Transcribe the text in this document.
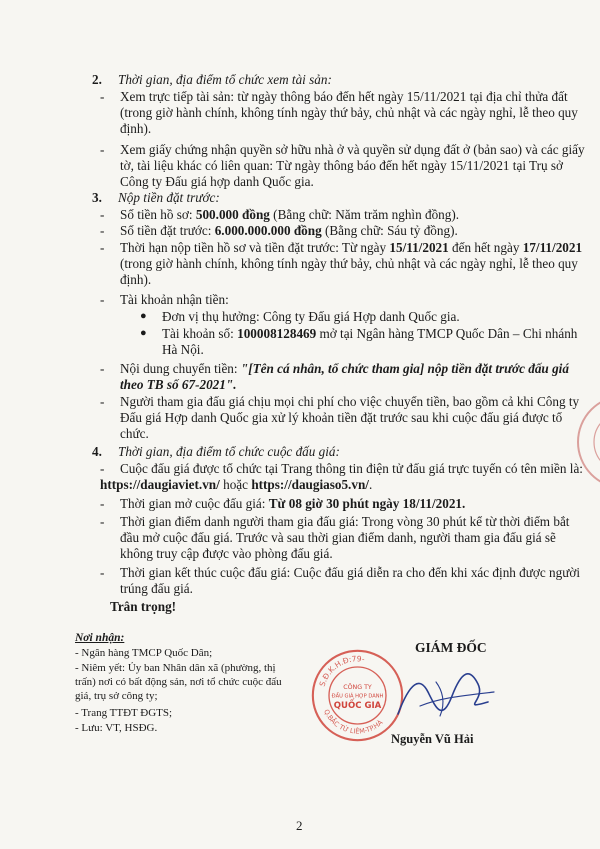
2. Thời gian, địa điểm tổ chức xem tài sản:
- Xem trực tiếp tài sản: từ ngày thông báo đến hết ngày 15/11/2021 tại địa chỉ thửa đất
(trong giờ hành chính, không tính ngày thứ bảy, chủ nhật và các ngày nghỉ, lễ theo quy
định).
- Xem giấy chứng nhận quyền sở hữu nhà ở và quyền sử dụng đất ở (bản sao) và các giấy
tờ, tài liệu khác có liên quan: Từ ngày thông báo đến hết ngày 15/11/2021 tại Trụ sở
Công ty Đấu giá hợp danh Quốc gia.
3. Nộp tiền đặt trước:
- Số tiền hồ sơ: 500.000 đồng (Bằng chữ: Năm trăm nghìn đồng).
- Số tiền đặt trước: 6.000.000.000 đồng (Bằng chữ: Sáu tỷ đồng).
- Thời hạn nộp tiền hồ sơ và tiền đặt trước: Từ ngày 15/11/2021 đến hết ngày 17/11/2021
(trong giờ hành chính, không tính ngày thứ bảy, chủ nhật và các ngày nghỉ, lễ theo quy
định).
- Tài khoản nhận tiền:
● Đơn vị thụ hưởng: Công ty Đấu giá Hợp danh Quốc gia.
● Tài khoản số: 100008128469 mở tại Ngân hàng TMCP Quốc Dân – Chi nhánh
Hà Nội.
- Nội dung chuyển tiền: "[Tên cá nhân, tổ chức tham gia] nộp tiền đặt trước đấu giá
theo TB số 67-2021".
- Người tham gia đấu giá chịu mọi chi phí cho việc chuyển tiền, bao gồm cả khi Công ty
Đấu giá Hợp danh Quốc gia xử lý khoản tiền đặt trước sau khi cuộc đấu giá được tổ
chức.
4. Thời gian, địa điểm tổ chức cuộc đấu giá:
- Cuộc đấu giá được tổ chức tại Trang thông tin điện tử đấu giá trực tuyến có tên miền là:
https://daugiaviet.vn/ hoặc https://daugiaso5.vn/.
- Thời gian mở cuộc đấu giá: Từ 08 giờ 30 phút ngày 18/11/2021.
- Thời gian điểm danh người tham gia đấu giá: Trong vòng 30 phút kể từ thời điểm bắt
đầu mở cuộc đấu giá. Trước và sau thời gian điểm danh, người tham gia đấu giá sẽ
không truy cập được vào phòng đấu giá.
- Thời gian kết thúc cuộc đấu giá: Cuộc đấu giá diễn ra cho đến khi xác định được người
trúng đấu giá.
Trân trọng!
Nơi nhận:
- Ngân hàng TMCP Quốc Dân;
- Niêm yết: Ủy ban Nhân dân xã (phường, thị
trấn) nơi có bất động sản, nơi tổ chức cuộc đấu
giá, trụ sở công ty;
- Trang TTĐT ĐGTS;
- Lưu: VT, HSĐG.
S.Đ.K.H.Đ:79-
Q.BẮC TỪ LIÊM-TP.HÀ
CÔNG TY
ĐẤU GIÁ HỢP DANH
QUỐC GIA
GIÁM ĐỐC
Nguyễn Vũ Hải
2
